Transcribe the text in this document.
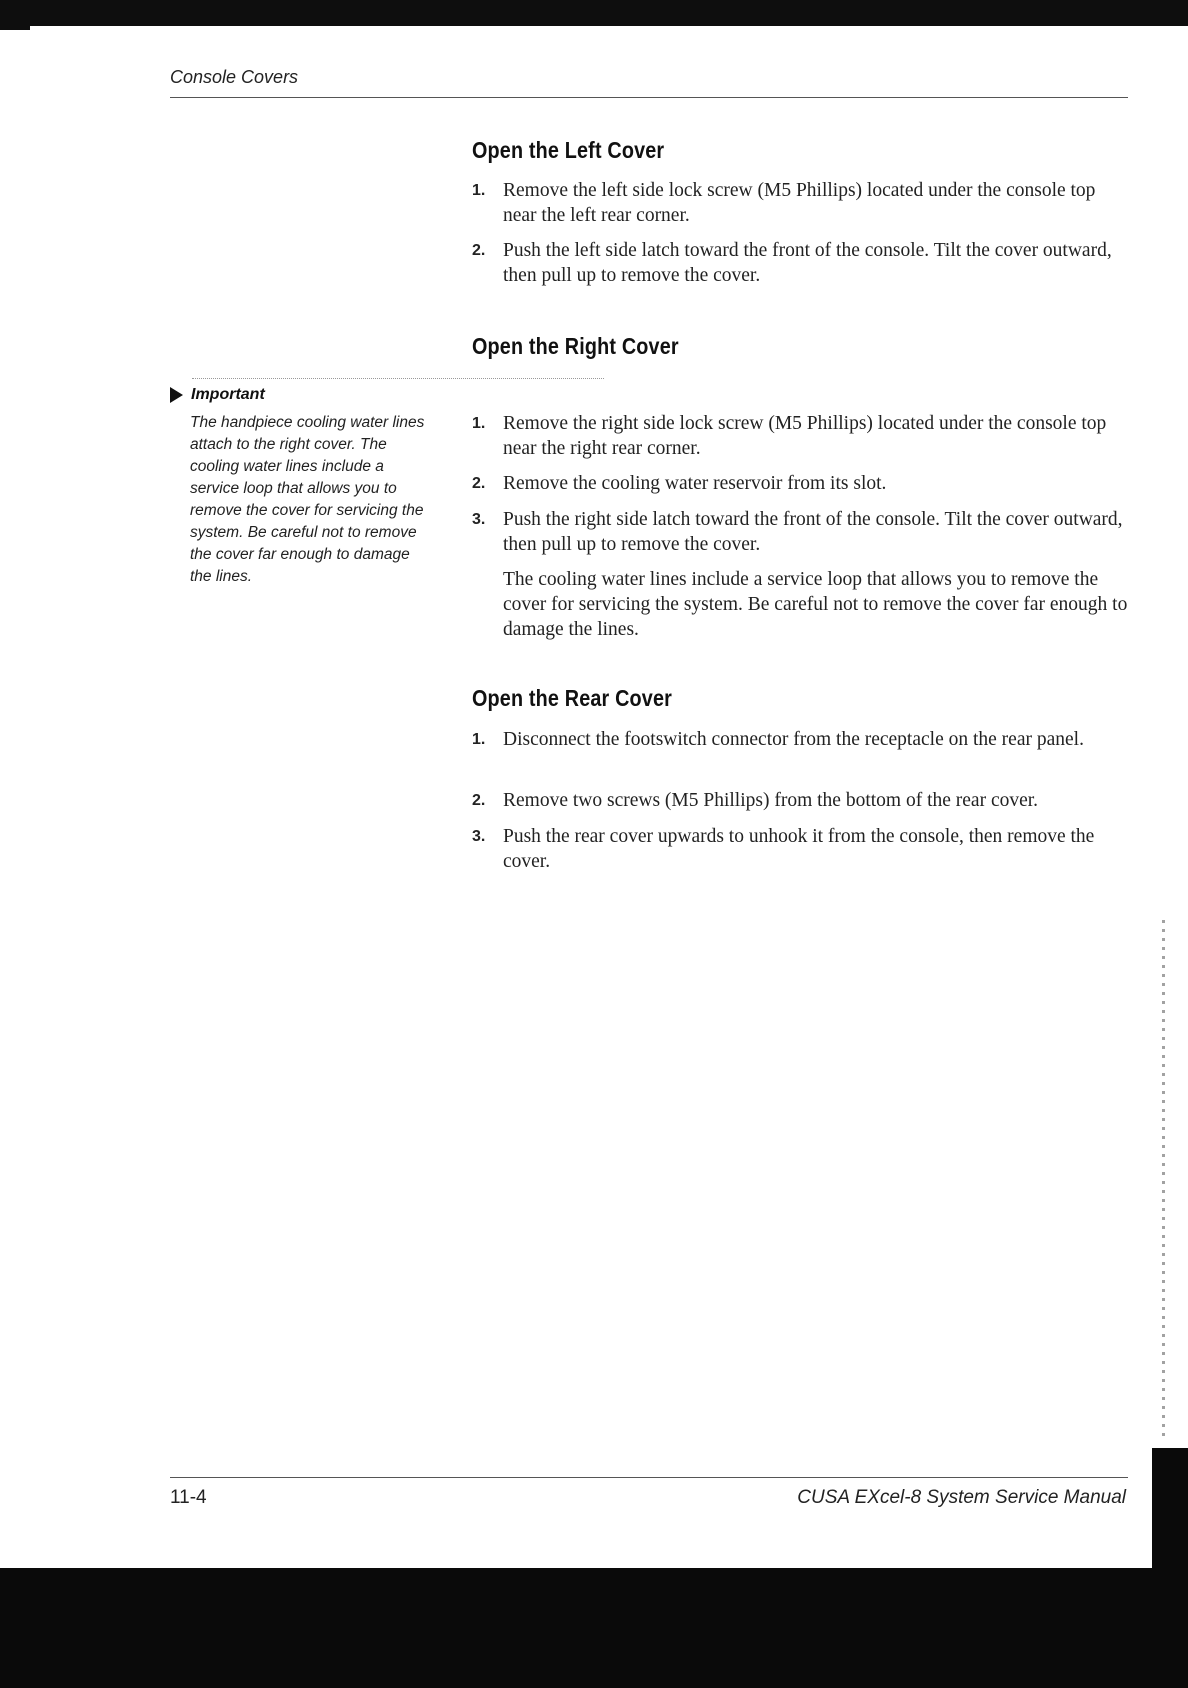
Console Covers
Open the Left Cover
1. Remove the left side lock screw (M5 Phillips) located under the console top near the left rear corner.
2. Push the left side latch toward the front of the console. Tilt the cover outward, then pull up to remove the cover.
Open the Right Cover
Important
The handpiece cooling water lines
attach to the right cover. The
cooling water lines include a
service loop that allows you to
remove the cover for servicing the
system. Be careful not to remove
the cover far enough to damage
the lines.
1. Remove the right side lock screw (M5 Phillips) located under the console top near the right rear corner.
2. Remove the cooling water reservoir from its slot.
3. Push the right side latch toward the front of the console. Tilt the cover outward, then pull up to remove the cover.
The cooling water lines include a service loop that allows you to remove the cover for servicing the system. Be careful not to remove the cover far enough to damage the lines.
Open the Rear Cover
1. Disconnect the footswitch connector from the receptacle on the rear panel.
2. Remove two screws (M5 Phillips) from the bottom of the rear cover.
3. Push the rear cover upwards to unhook it from the console, then remove the cover.
11-4	CUSA EXcel-8 System Service Manual
